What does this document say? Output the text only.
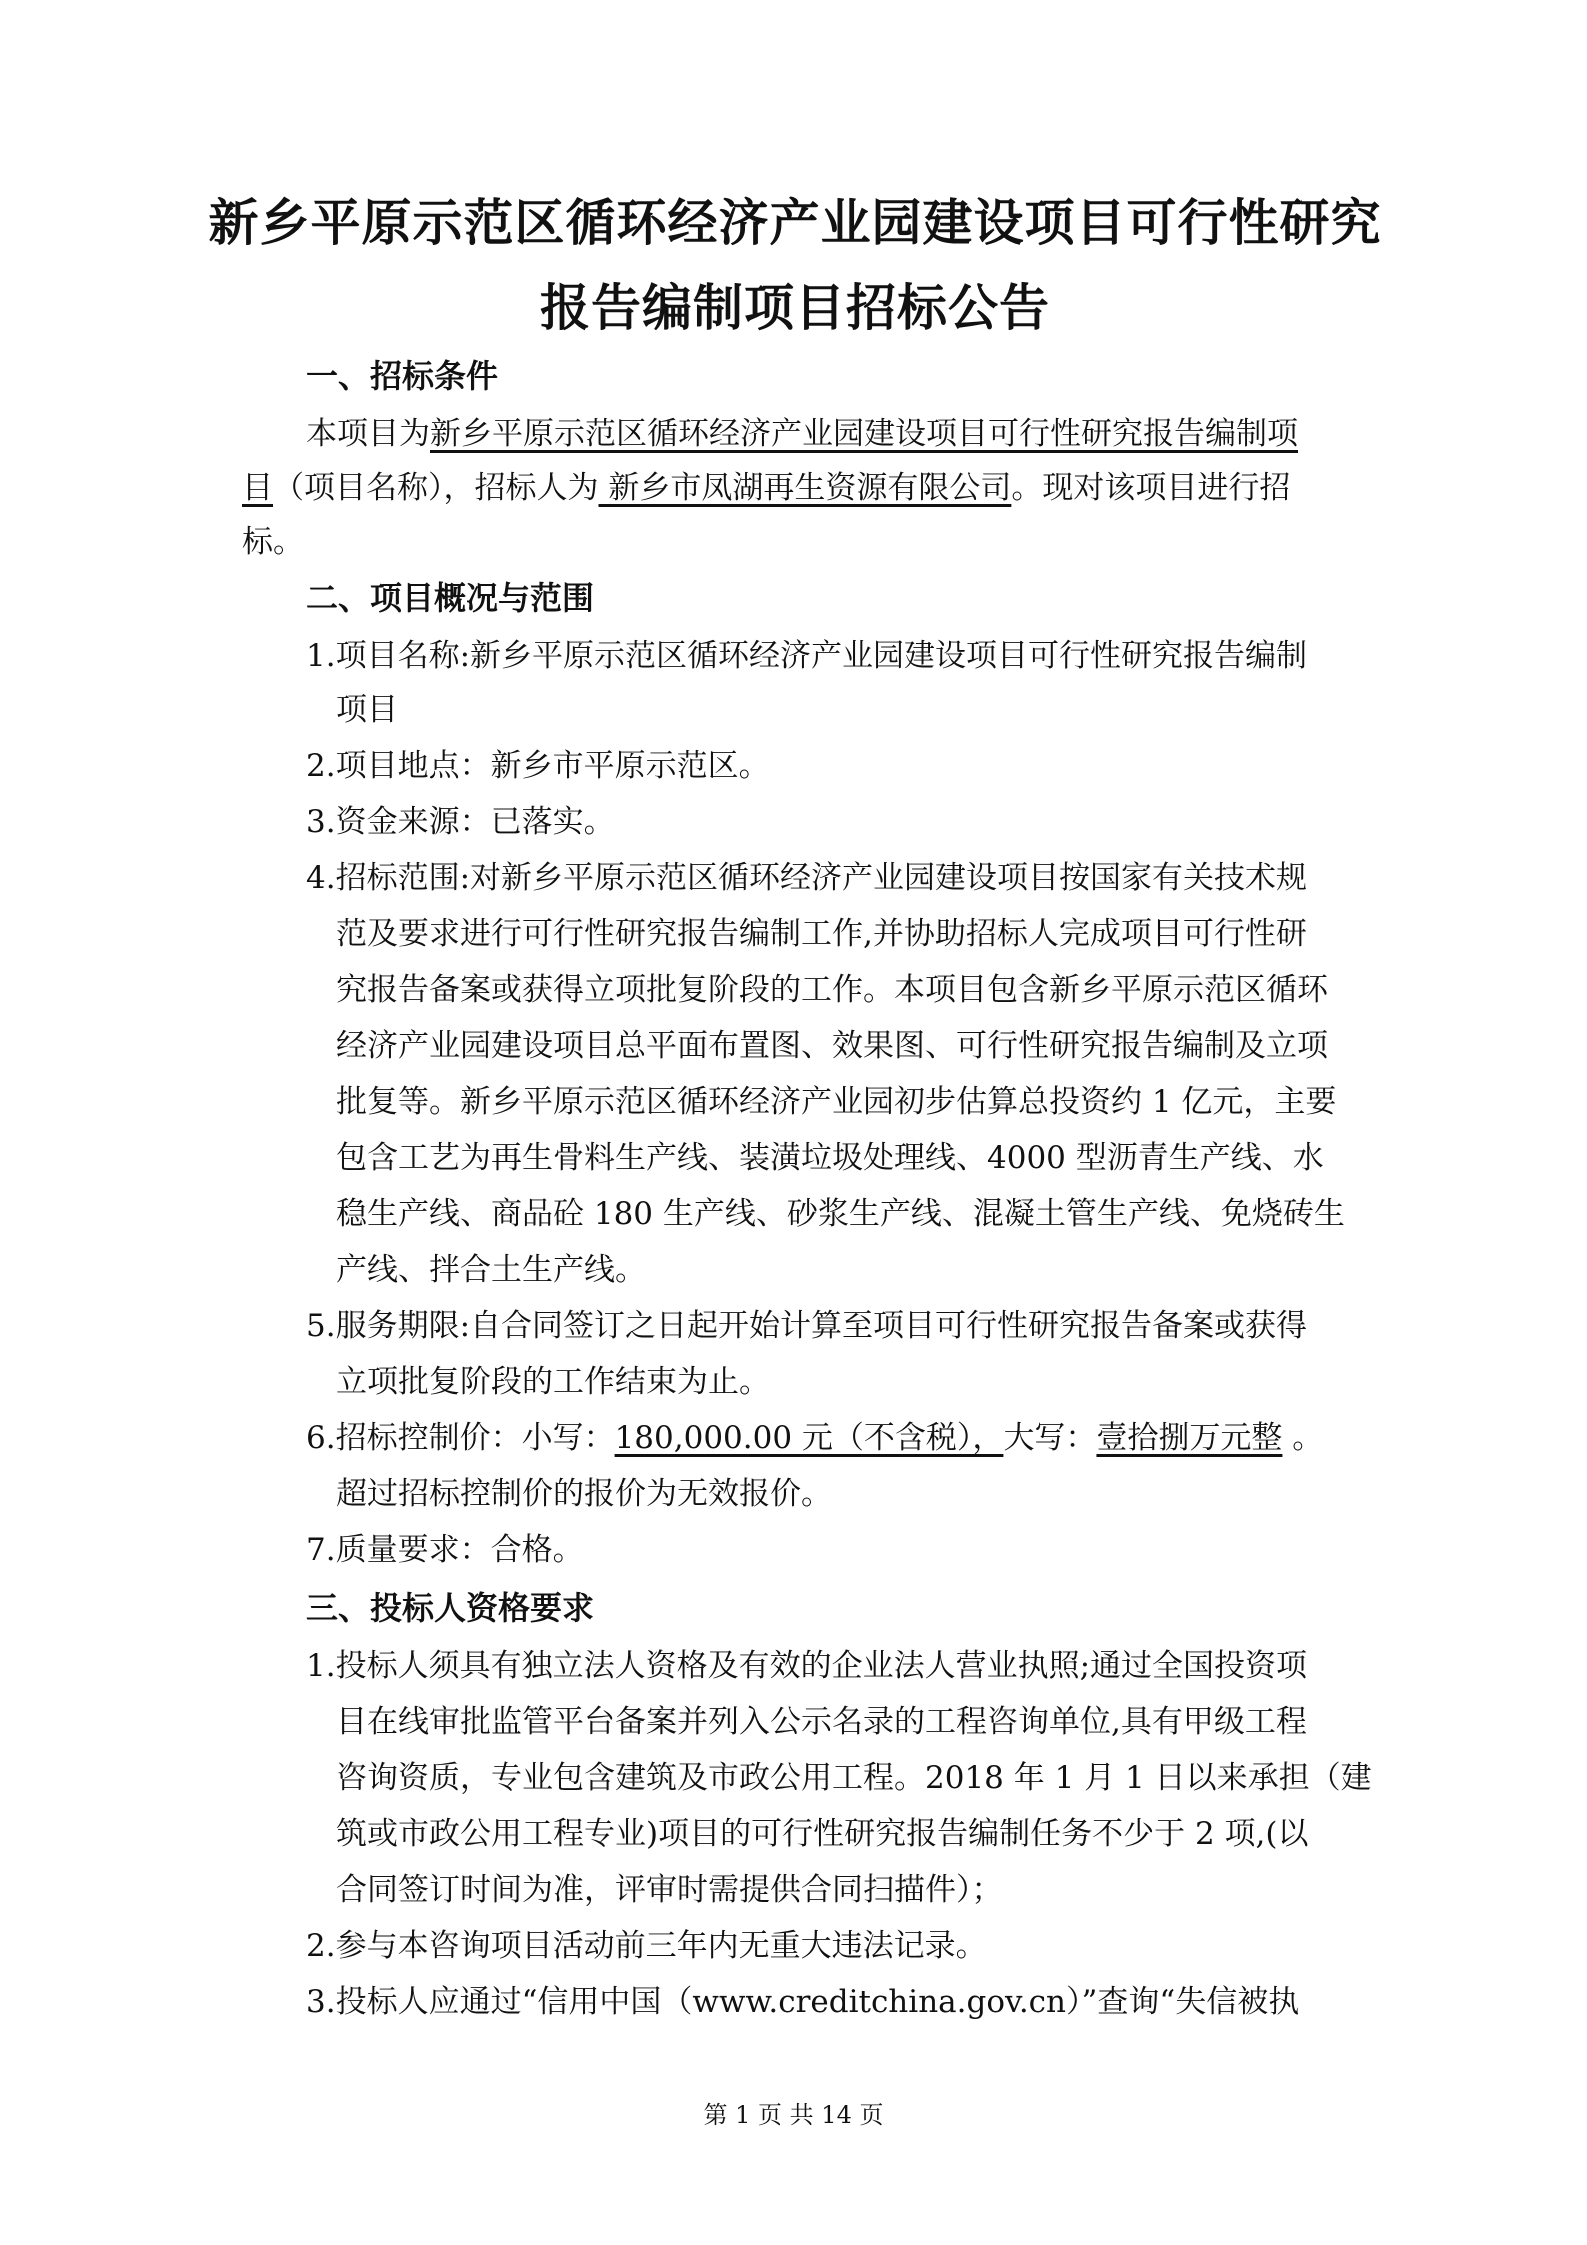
新乡平原示范区循环经济产业园建设项目可行性研究
报告编制项目招标公告
一、招标条件
本项目为新乡平原示范区循环经济产业园建设项目可行性研究报告编制项
目（项目名称），招标人为 新乡市凤湖再生资源有限公司。现对该项目进行招
标。
二、项目概况与范围
1.项目名称:新乡平原示范区循环经济产业园建设项目可行性研究报告编制
项目
2.项目地点：新乡市平原示范区。
3.资金来源：已落实。
4.招标范围:对新乡平原示范区循环经济产业园建设项目按国家有关技术规
范及要求进行可行性研究报告编制工作,并协助招标人完成项目可行性研
究报告备案或获得立项批复阶段的工作。本项目包含新乡平原示范区循环
经济产业园建设项目总平面布置图、效果图、可行性研究报告编制及立项
批复等。新乡平原示范区循环经济产业园初步估算总投资约 1 亿元，主要
包含工艺为再生骨料生产线、装潢垃圾处理线、4000 型沥青生产线、水
稳生产线、商品砼 180 生产线、砂浆生产线、混凝土管生产线、免烧砖生
产线、拌合土生产线。
5.服务期限:自合同签订之日起开始计算至项目可行性研究报告备案或获得
立项批复阶段的工作结束为止。
6.招标控制价：小写：180,000.00 元（不含税），大写：壹拾捌万元整 。
超过招标控制价的报价为无效报价。
7.质量要求：合格。
三、投标人资格要求
1.投标人须具有独立法人资格及有效的企业法人营业执照;通过全国投资项
目在线审批监管平台备案并列入公示名录的工程咨询单位,具有甲级工程
咨询资质，专业包含建筑及市政公用工程。2018 年 1 月 1 日以来承担（建
筑或市政公用工程专业)项目的可行性研究报告编制任务不少于 2 项,(以
合同签订时间为准，评审时需提供合同扫描件）；
2.参与本咨询项目活动前三年内无重大违法记录。
3.投标人应通过“信用中国（www.creditchina.gov.cn）”查询“失信被执
第 1 页 共 14 页
